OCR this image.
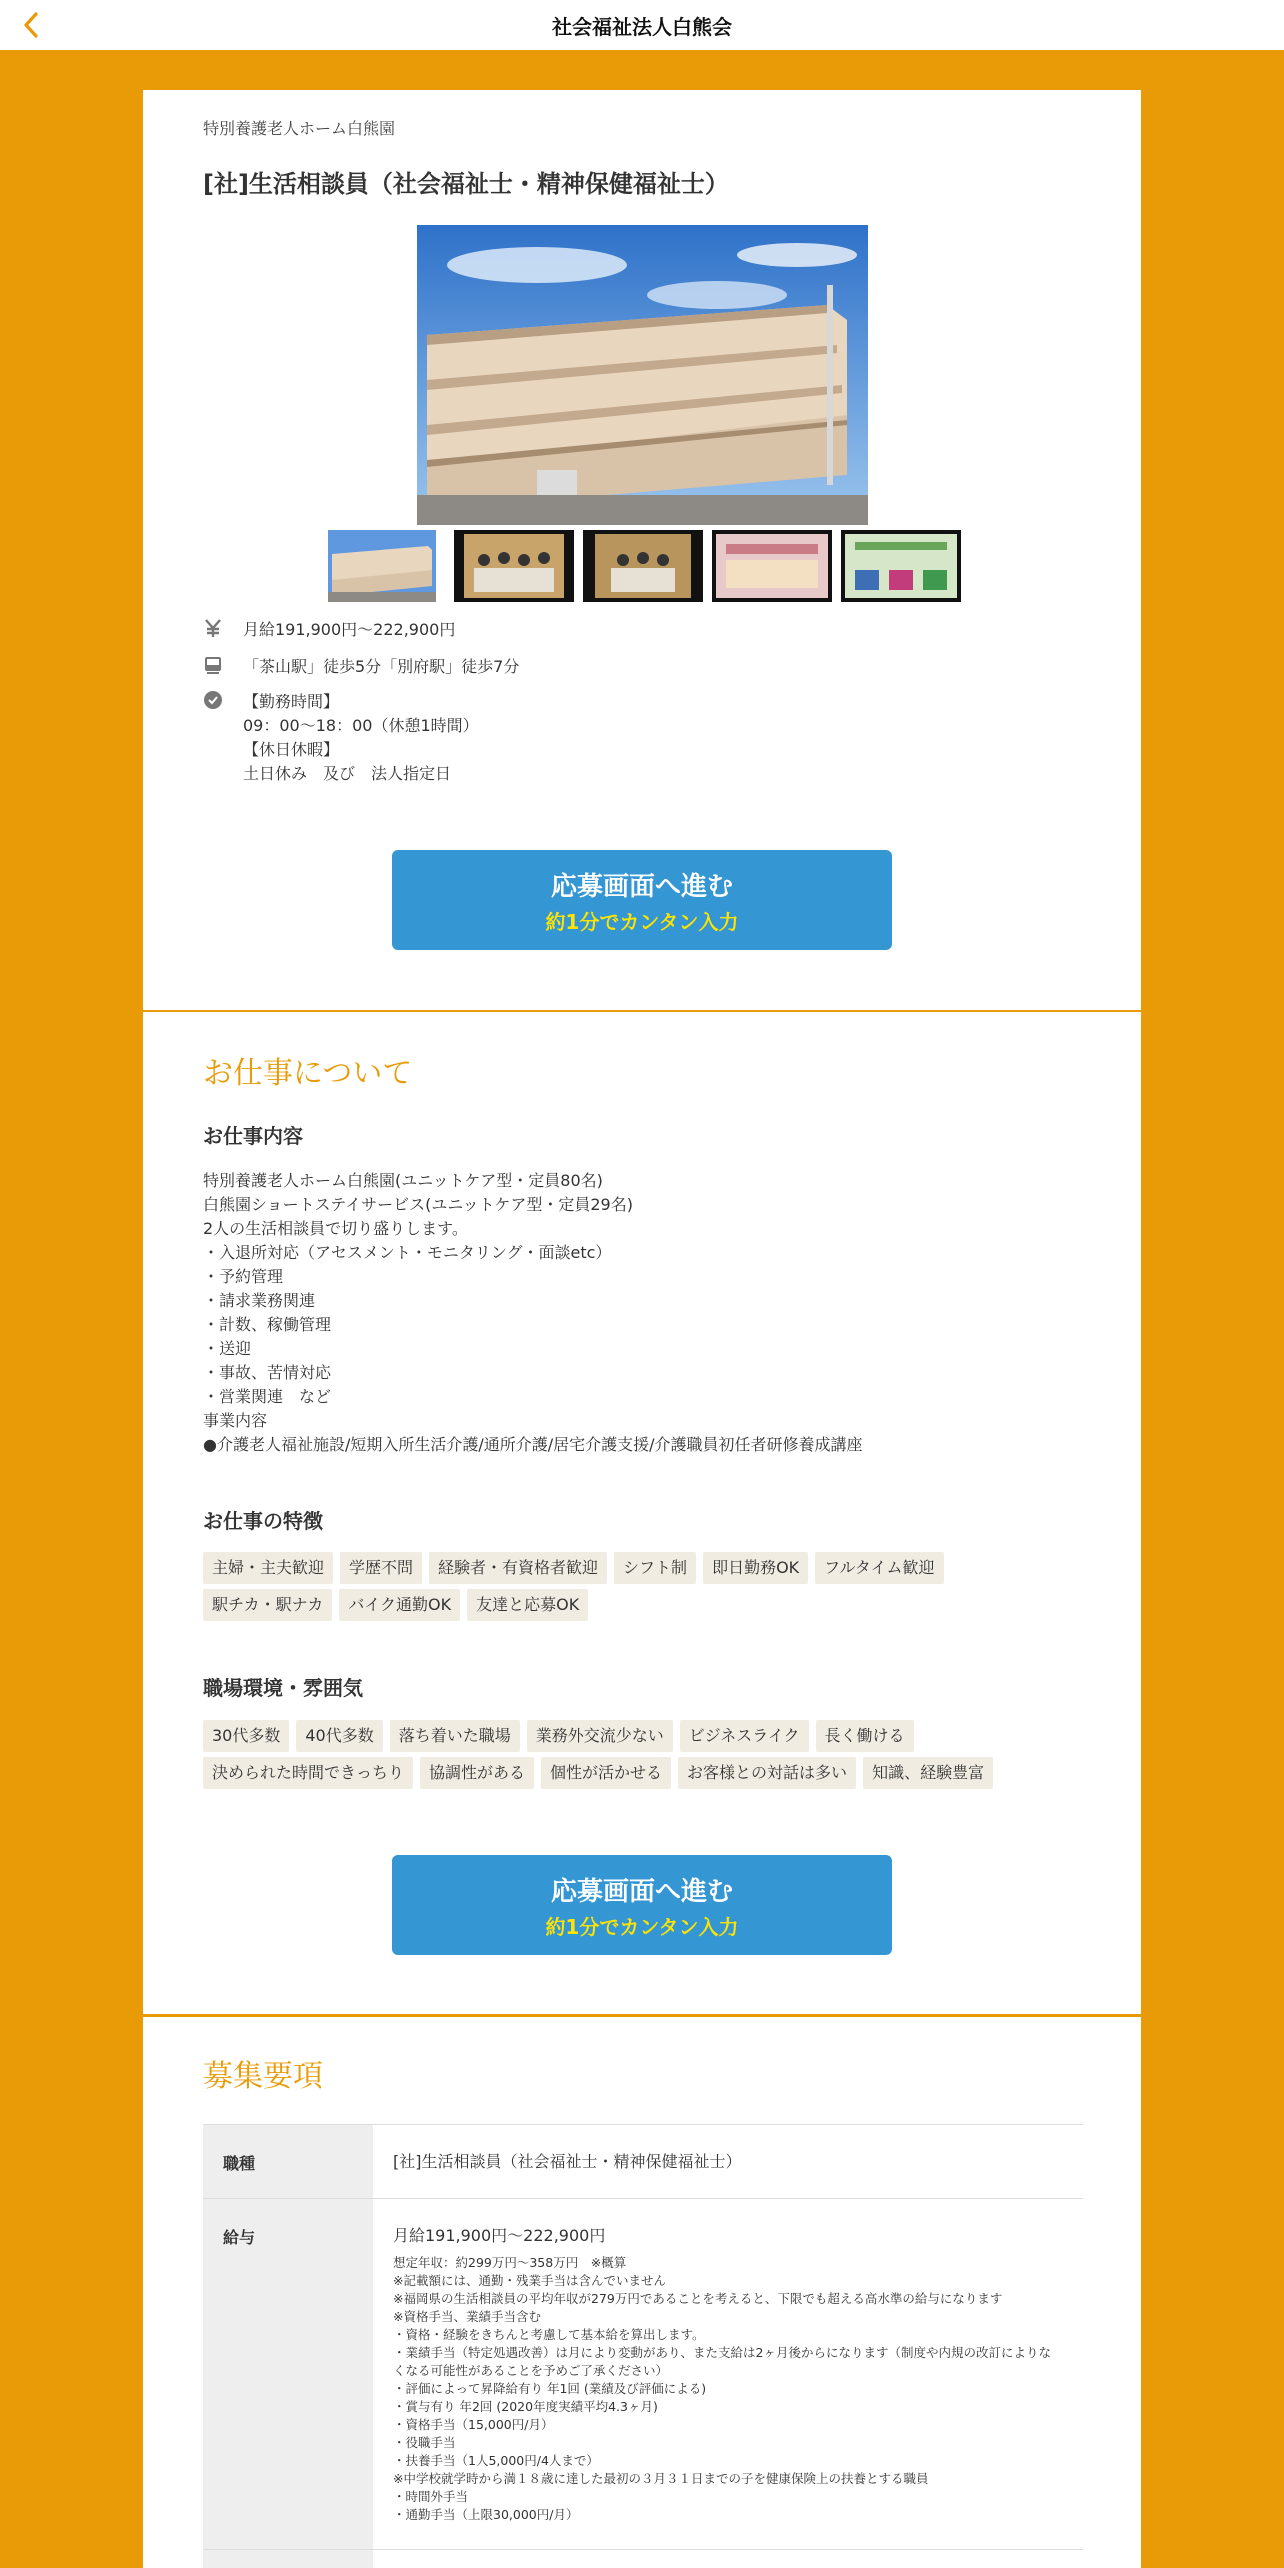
社会福祉法人白熊会
特別養護老人ホーム白熊園
[社]生活相談員（社会福祉士・精神保健福祉士）
月給191,900円〜222,900円
「茶山駅」徒歩5分「別府駅」徒歩7分
【勤務時間】
09：00～18：00（休憩1時間）
【休日休暇】
土日休み　及び　法人指定日
応募画面へ進む
約1分でカンタン入力
お仕事について
お仕事内容
特別養護老人ホーム白熊園(ユニットケア型・定員80名)
白熊園ショートステイサービス(ユニットケア型・定員29名)
2人の生活相談員で切り盛りします。
・入退所対応（アセスメント・モニタリング・面談etc）
・予約管理
・請求業務関連
・計数、稼働管理
・送迎
・事故、苦情対応
・営業関連　など
事業内容
●介護老人福祉施設/短期入所生活介護/通所介護/居宅介護支援/介護職員初任者研修養成講座
お仕事の特徴
主婦・主夫歓迎	学歴不問	経験者・有資格者歓迎	シフト制	即日勤務OK	フルタイム歓迎
駅チカ・駅ナカ	バイク通勤OK	友達と応募OK
職場環境・雰囲気
30代多数	40代多数	落ち着いた職場	業務外交流少ない	ビジネスライク	長く働ける
決められた時間できっちり	協調性がある	個性が活かせる	お客様との対話は多い	知識、経験豊富
応募画面へ進む
約1分でカンタン入力
募集要項
職種	[社]生活相談員（社会福祉士・精神保健福祉士）
給与	月給191,900円〜222,900円
想定年収：約299万円～358万円　※概算
※記載額には、通勤・残業手当は含んでいません
※福岡県の生活相談員の平均年収が279万円であることを考えると、下限でも超える高水準の給与になります
※資格手当、業績手当含む
・資格・経験をきちんと考慮して基本給を算出します。
・業績手当（特定処遇改善）は月により変動があり、また支給は2ヶ月後からになります（制度や内規の改訂によりなくなる可能性があることを予めご了承ください）
・評価によって昇降給有り 年1回 (業績及び評価による)
・賞与有り 年2回 (2020年度実績平均4.3ヶ月)
・資格手当（15,000円/月）
・役職手当
・扶養手当（1人5,000円/4人まで）
※中学校就学時から満１８歳に達した最初の３月３１日までの子を健康保険上の扶養とする職員
・時間外手当
・通勤手当（上限30,000円/月）
